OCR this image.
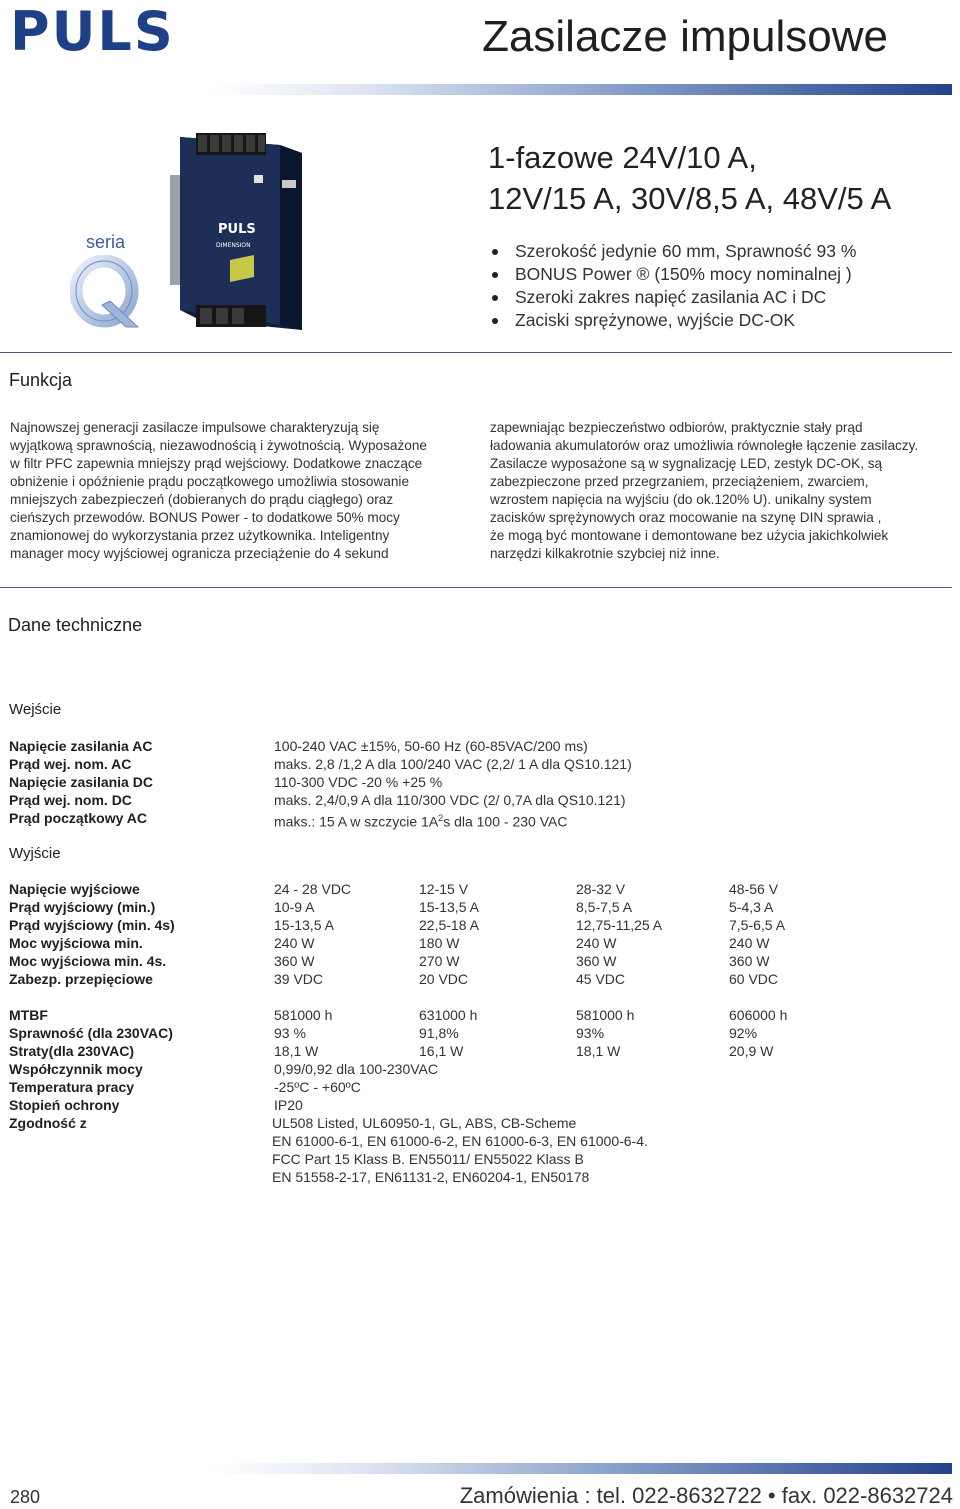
PULS	Zasilacze impulsowe
seria
PULS
DIMENSION
1-fazowe 24V/10 A,
12V/15 A, 30V/8,5 A, 48V/5 A
Szerokość jedynie 60 mm, Sprawność 93 %
BONUS Power ® (150% mocy nominalnej )
Szeroki zakres napięć zasilania AC i DC
Zaciski sprężynowe, wyjście DC-OK
Funkcja
Najnowszej generacji zasilacze impulsowe charakteryzują się
wyjątkową sprawnością, niezawodnością i żywotnością. Wyposażone
w filtr PFC zapewnia mniejszy prąd wejściowy. Dodatkowe znaczące
obniżenie i opóźnienie prądu początkowego umożliwia stosowanie
mniejszych zabezpieczeń (dobieranych do prądu ciągłego) oraz
cieńszych przewodów. BONUS Power - to dodatkowe 50% mocy
znamionowej do wykorzystania przez użytkownika. Inteligentny
manager mocy wyjściowej ogranicza przeciążenie do 4 sekund
zapewniając bezpieczeństwo odbiorów, praktycznie stały prąd
ładowania akumulatorów oraz umożliwia równoległe łączenie zasilaczy.
Zasilacze wyposażone są w sygnalizację LED, zestyk DC-OK, są
zabezpieczone przed przegrzaniem, przeciążeniem, zwarciem,
wzrostem napięcia na wyjściu (do ok.120% U). unikalny system
zacisków sprężynowych oraz mocowanie na szynę DIN sprawia ,
że mogą być montowane i demontowane bez użycia jakichkolwiek
narzędzi kilkakrotnie szybciej niż inne.
Dane techniczne
Wejście
Napięcie zasilania AC	100-240 VAC ±15%, 50-60 Hz (60-85VAC/200 ms)
Prąd wej. nom. AC	maks. 2,8 /1,2 A dla 100/240 VAC (2,2/ 1 A dla QS10.121)
Napięcie zasilania DC	110-300 VDC -20 % +25 %
Prąd wej. nom. DC	maks. 2,4/0,9 A dla 110/300 VDC (2/ 0,7A dla QS10.121)
Prąd początkowy AC	maks.: 15 A w szczycie $1A^2s$ dla 100 - 230 VAC
Wyjście
Napięcie wyjściowe	24 - 28 VDC	12-15 V	28-32 V	48-56 V
Prąd wyjściowy (min.)	10-9 A	15-13,5 A	8,5-7,5 A	5-4,3 A
Prąd wyjściowy (min. 4s)	15-13,5 A	22,5-18 A	12,75-11,25 A	7,5-6,5 A
Moc wyjściowa min.	240 W	180 W	240 W	240 W
Moc wyjściowa min. 4s.	360 W	270 W	360 W	360 W
Zabezp. przepięciowe	39 VDC	20 VDC	45 VDC	60 VDC
MTBF	581000 h	631000 h	581000 h	606000 h
Sprawność (dla 230VAC)	93 %	91,8%	93%	92%
Straty(dla 230VAC)	18,1 W	16,1 W	18,1 W	20,9 W
Współczynnik mocy	0,99/0,92 dla 100-230VAC
Temperatura pracy	-25ºC - +60ºC
Stopień ochrony	IP20
Zgodność z	UL508 Listed, UL60950-1, GL, ABS, CB-Scheme
EN 61000-6-1, EN 61000-6-2, EN 61000-6-3, EN 61000-6-4.
FCC Part 15 Klass B. EN55011/ EN55022 Klass B
EN 51558-2-17, EN61131-2, EN60204-1, EN50178
280	Zamówienia : tel. 022-8632722 • fax. 022-8632724
